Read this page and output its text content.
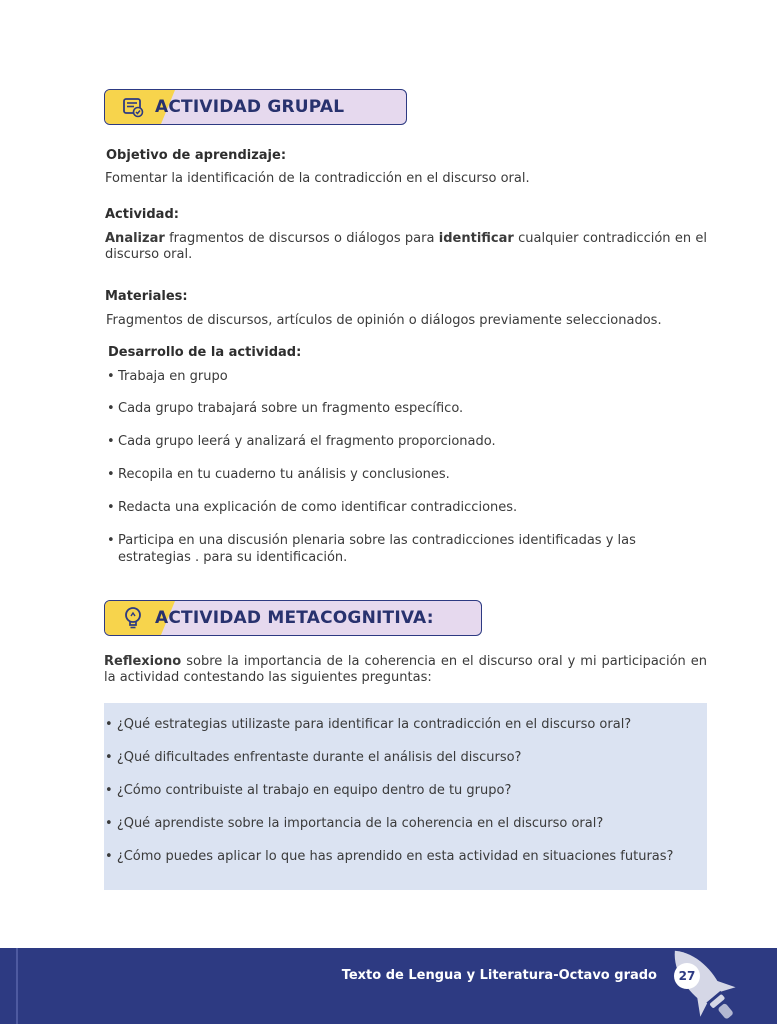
ACTIVIDAD GRUPAL
Objetivo de aprendizaje:
Fomentar la identificación de la contradicción en el discurso oral.
Actividad:
Analizar fragmentos de discursos o diálogos para identificar cualquier contradicción en el discurso oral.
Materiales:
Fragmentos de discursos, artículos de opinión o diálogos previamente seleccionados.
Desarrollo de la actividad:
• Trabaja en grupo
• Cada grupo trabajará sobre un fragmento específico.
• Cada grupo leerá y analizará el fragmento proporcionado.
• Recopila en tu cuaderno tu análisis y conclusiones.
• Redacta una explicación de como identificar contradicciones.
• Participa en una discusión plenaria sobre las contradicciones identificadas y las estrategias . para su identificación.
ACTIVIDAD METACOGNITIVA:
Reflexiono sobre la importancia de la coherencia en el discurso oral y mi participación en la actividad contestando las siguientes preguntas:
• ¿Qué estrategias utilizaste para identificar la contradicción en el discurso oral?
• ¿Qué dificultades enfrentaste durante el análisis del discurso?
• ¿Cómo contribuiste al trabajo en equipo dentro de tu grupo?
• ¿Qué aprendiste sobre la importancia de la coherencia en el discurso oral?
• ¿Cómo puedes aplicar lo que has aprendido en esta actividad en situaciones futuras?
Texto de Lengua y Literatura-Octavo grado	27
